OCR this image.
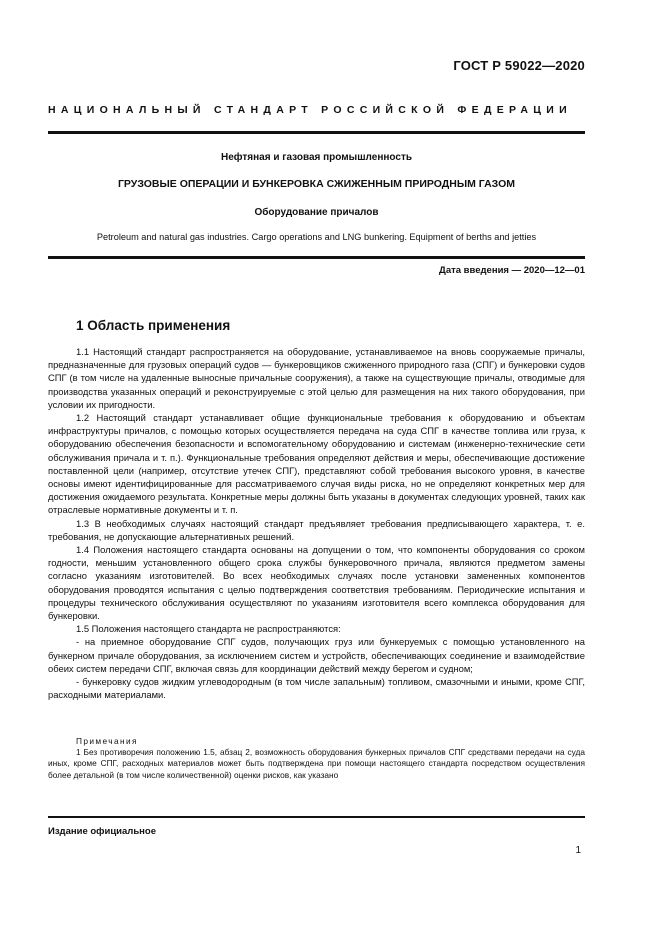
ГОСТ Р 59022—2020
НАЦИОНАЛЬНЫЙ СТАНДАРТ РОССИЙСКОЙ ФЕДЕРАЦИИ
Нефтяная и газовая промышленность
ГРУЗОВЫЕ ОПЕРАЦИИ И БУНКЕРОВКА СЖИЖЕННЫМ ПРИРОДНЫМ ГАЗОМ
Оборудование причалов
Petroleum and natural gas industries. Cargo operations and LNG bunkering. Equipment of berths and jetties
Дата введения — 2020—12—01
1 Область применения

1.1 Настоящий стандарт распространяется на оборудование, устанавливаемое на вновь сооружаемые причалы, предназначенные для грузовых операций судов — бункеровщиков сжиженного природного газа (СПГ) и бункеровки судов СПГ (в том числе на удаленные выносные причальные сооружения), а также на существующие причалы, отводимые для производства указанных операций и реконструируемые с этой целью для размещения на них такого оборудования, при условии их пригодности.

1.2 Настоящий стандарт устанавливает общие функциональные требования к оборудованию и объектам инфраструктуры причалов, с помощью которых осуществляется передача на суда СПГ в качестве топлива или груза, к оборудованию обеспечения безопасности и вспомогательному оборудованию и системам (инженерно-технические сети обслуживания причала и т. п.). Функциональные требования определяют действия и меры, обеспечивающие достижение поставленной цели (например, отсутствие утечек СПГ), представляют собой требования высокого уровня, в качестве основы имеют идентифицированные для рассматриваемого случая виды риска, но не определяют конкретных мер для достижения ожидаемого результата. Конкретные меры должны быть указаны в документах следующих уровней, таких как отраслевые нормативные документы и т. п.

1.3 В необходимых случаях настоящий стандарт предъявляет требования предписывающего характера, т. е. требования, не допускающие альтернативных решений.

1.4 Положения настоящего стандарта основаны на допущении о том, что компоненты оборудования со сроком годности, меньшим установленного общего срока службы бункеровочного причала, являются предметом замены согласно указаниям изготовителей. Во всех необходимых случаях после установки замененных компонентов оборудования проводятся испытания с целью подтверждения соответствия требованиям. Периодические испытания и процедуры технического обслуживания осуществляют по указаниям изготовителя всего комплекса оборудования для бункеровки.

1.5 Положения настоящего стандарта не распространяются:

- на приемное оборудование СПГ судов, получающих груз или бункеруемых с помощью установленного на бункерном причале оборудования, за исключением систем и устройств, обеспечивающих соединение и взаимодействие обеих систем передачи СПГ, включая связь для координации действий между берегом и судном;

- бункеровку судов жидким углеводородным (в том числе запальным) топливом, смазочными и иными, кроме СПГ, расходными материалами.

Примечания

1 Без противоречия положению 1.5, абзац 2, возможность оборудования бункерных причалов СПГ средствами передачи на суда иных, кроме СПГ, расходных материалов может быть подтверждена при помощи настоящего стандарта посредством осуществления более детальной (в том числе количественной) оценки рисков, как указано

Издание официальное
1
